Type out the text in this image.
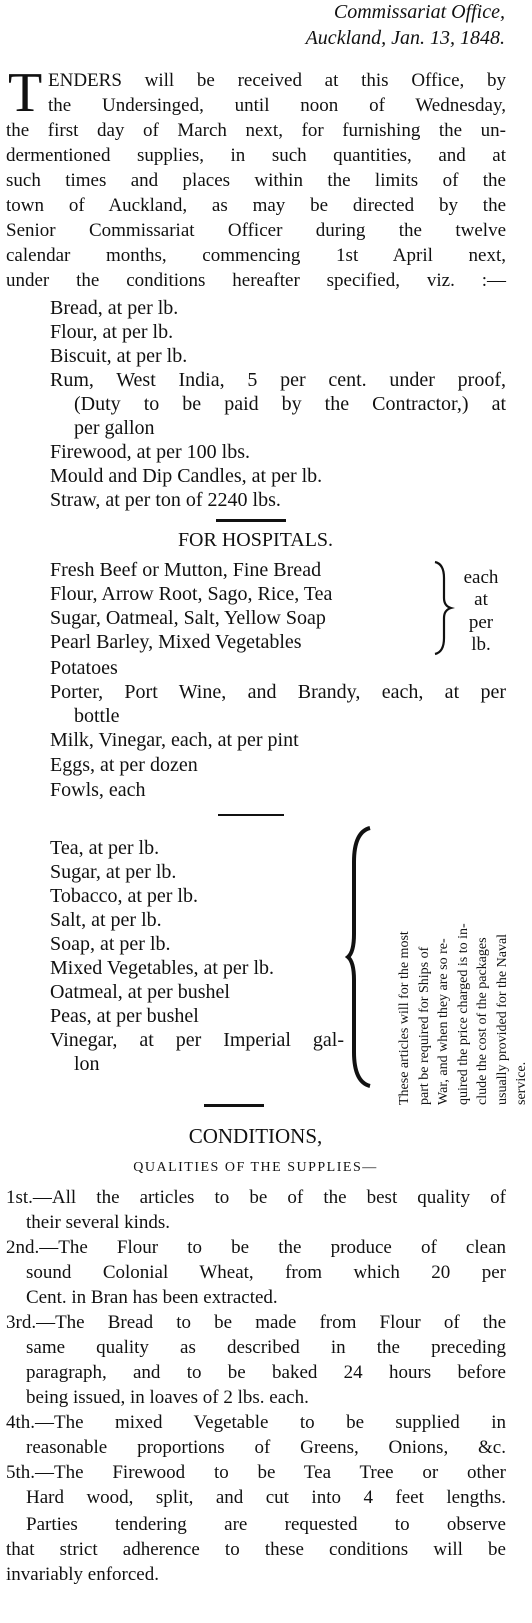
Commissariat Office,
Auckland, Jan. 13, 1848.
T ENDERS will be received at this Office, by
the Undersinged, until noon of Wednesday,
the first day of March next, for furnishing the un-
dermentioned supplies, in such quantities, and at
such times and places within the limits of the
town of Auckland, as may be directed by the
Senior Commissariat Officer during the twelve
calendar months, commencing 1st April next,
under the conditions hereafter specified, viz. :—
Bread, at per lb.
Flour, at per lb.
Biscuit, at per lb.
Rum, West India, 5 per cent. under proof,
(Duty to be paid by the Contractor,) at
per gallon
Firewood, at per 100 lbs.
Mould and Dip Candles, at per lb.
Straw, at per ton of 2240 lbs.
FOR HOSPITALS.
Fresh Beef or Mutton, Fine Bread
Flour, Arrow Root, Sago, Rice, Tea
Sugar, Oatmeal, Salt, Yellow Soap
Pearl Barley, Mixed Vegetables
Potatoes
each
at
per
lb.
Porter, Port Wine, and Brandy, each, at per
bottle
Milk, Vinegar, each, at per pint
Eggs, at per dozen
Fowls, each
Tea, at per lb.
Sugar, at per lb.
Tobacco, at per lb.
Salt, at per lb.
Soap, at per lb.
Mixed Vegetables, at per lb.
Oatmeal, at per bushel
Peas, at per bushel
Vinegar, at per Imperial gal-
lon	These articles will for the most part be required for Ships of War, and when they are so re- quired the price charged is to in- clude the cost of the packages usually provided for the Naval service.
CONDITIONS,
QUALITIES OF THE SUPPLIES—
1st.—All the articles to be of the best quality of
their several kinds.
2nd.—The Flour to be the produce of clean
sound Colonial Wheat, from which 20 per
Cent. in Bran has been extracted.
3rd.—The Bread to be made from Flour of the
same quality as described in the preceding
paragraph, and to be baked 24 hours before
being issued, in loaves of 2 lbs. each.
4th.—The mixed Vegetable to be supplied in
reasonable proportions of Greens, Onions, &c.
5th.—The Firewood to be Tea Tree or other
Hard wood, split, and cut into 4 feet lengths.
Parties tendering are requested to observe
that strict adherence to these conditions will be
invariably enforced.
